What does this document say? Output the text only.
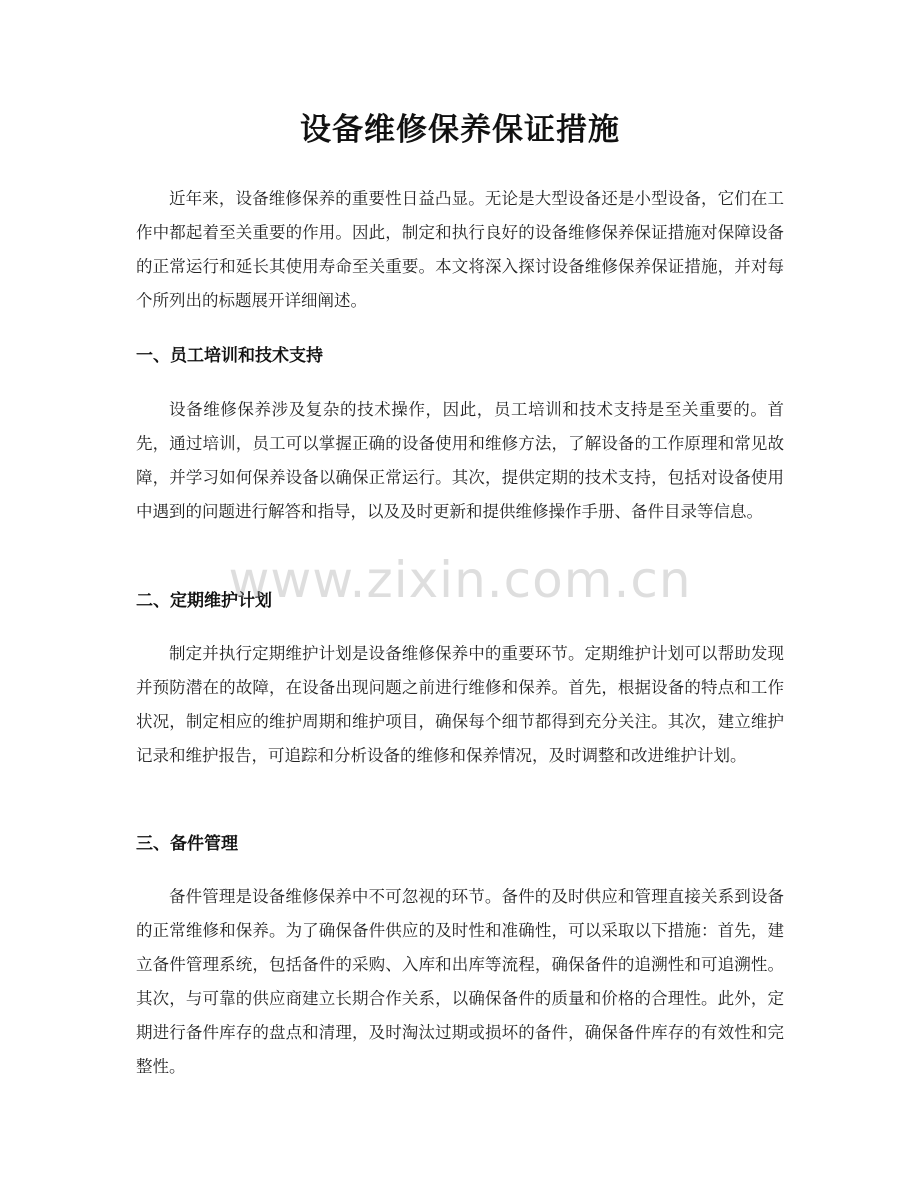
设备维修保养保证措施

近年来，设备维修保养的重要性日益凸显。无论是大型设备还是小型设备，它们在工作中都起着至关重要的作用。因此，制定和执行良好的设备维修保养保证措施对保障设备的正常运行和延长其使用寿命至关重要。本文将深入探讨设备维修保养保证措施，并对每个所列出的标题展开详细阐述。

一、员工培训和技术支持

设备维修保养涉及复杂的技术操作，因此，员工培训和技术支持是至关重要的。首先，通过培训，员工可以掌握正确的设备使用和维修方法，了解设备的工作原理和常见故障，并学习如何保养设备以确保正常运行。其次，提供定期的技术支持，包括对设备使用中遇到的问题进行解答和指导，以及及时更新和提供维修操作手册、备件目录等信息。

二、定期维护计划

制定并执行定期维护计划是设备维修保养中的重要环节。定期维护计划可以帮助发现并预防潜在的故障，在设备出现问题之前进行维修和保养。首先，根据设备的特点和工作状况，制定相应的维护周期和维护项目，确保每个细节都得到充分关注。其次，建立维护记录和维护报告，可追踪和分析设备的维修和保养情况，及时调整和改进维护计划。

三、备件管理

备件管理是设备维修保养中不可忽视的环节。备件的及时供应和管理直接关系到设备的正常维修和保养。为了确保备件供应的及时性和准确性，可以采取以下措施：首先，建立备件管理系统，包括备件的采购、入库和出库等流程，确保备件的追溯性和可追溯性。其次，与可靠的供应商建立长期合作关系，以确保备件的质量和价格的合理性。此外，定期进行备件库存的盘点和清理，及时淘汰过期或损坏的备件，确保备件库存的有效性和完整性。

www.zixin.com.cn
